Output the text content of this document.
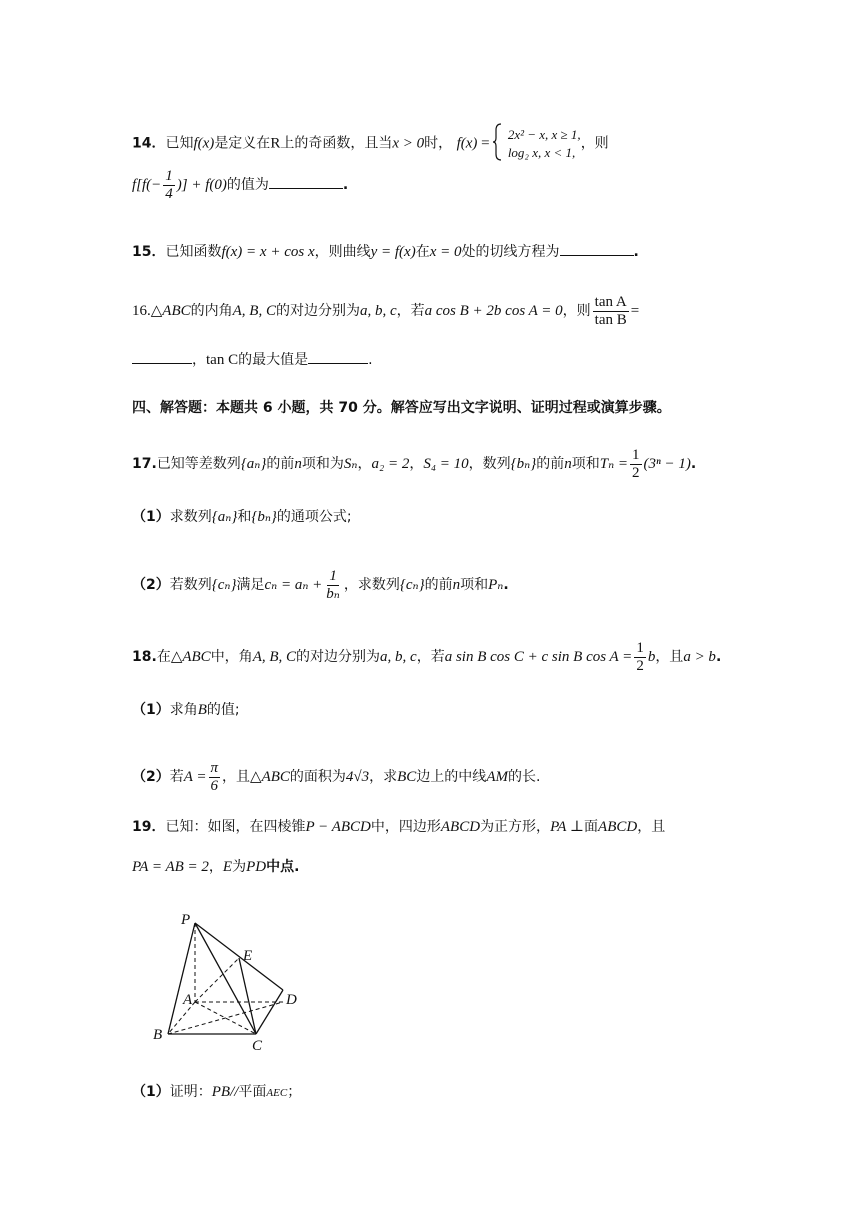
14．已知f(x)是定义在R上的奇函数，且当x > 0时， f(x) =
2x² − x, x ≥ 1,
log₂ x, x < 1,
，则
$f[f(- \frac{1}{4}$ )] + f(0)的值为	.
15．已知函数f(x) = x + cos x，则曲线y = f(x)在x = 0处的切线方程为	.
16.△ABC的内角A, B, C的对边分别为a, b, c，若a cos B + 2b cos A = 0，则 $\frac{\text{tan A}}{\text{tan B}}$ =
，tan C的最大值是	.
四、解答题：本题共 6 小题，共 70 分。解答应写出文字说明、证明过程或演算步骤。
17.已知等差数列{aₙ}的前n项和为Sₙ，a₂ = 2，S₄ = 10，数列{bₙ}的前n项和$T_n = \frac{1}{2} (3^n - 1)$.
（1）求数列{aₙ}和{bₙ}的通项公式;
（2）若数列{cₙ}满足$c_n = a_n + \frac{1}{\text{bₙ}}$ ，求数列{cₙ}的前n项和Pₙ.
18.在△ABC中，角A, B, C的对边分别为a, b, c，若a sin B cos C + c sin B $\cos A = \frac{1}{2}$ b，且a > b.
（1）求角B的值;
（2）若$A = \frac{\pi}{6}$ ，且△ABC的面积为4√3，求BC边上的中线AM的长.
19．已知：如图，在四棱锥P − ABCD中，四边形ABCD为正方形，PA ⊥面ABCD，且
PA = AB = 2，E为PD中点.
P
E
A	D
B
C
（1）证明：PB//平面AEC；
